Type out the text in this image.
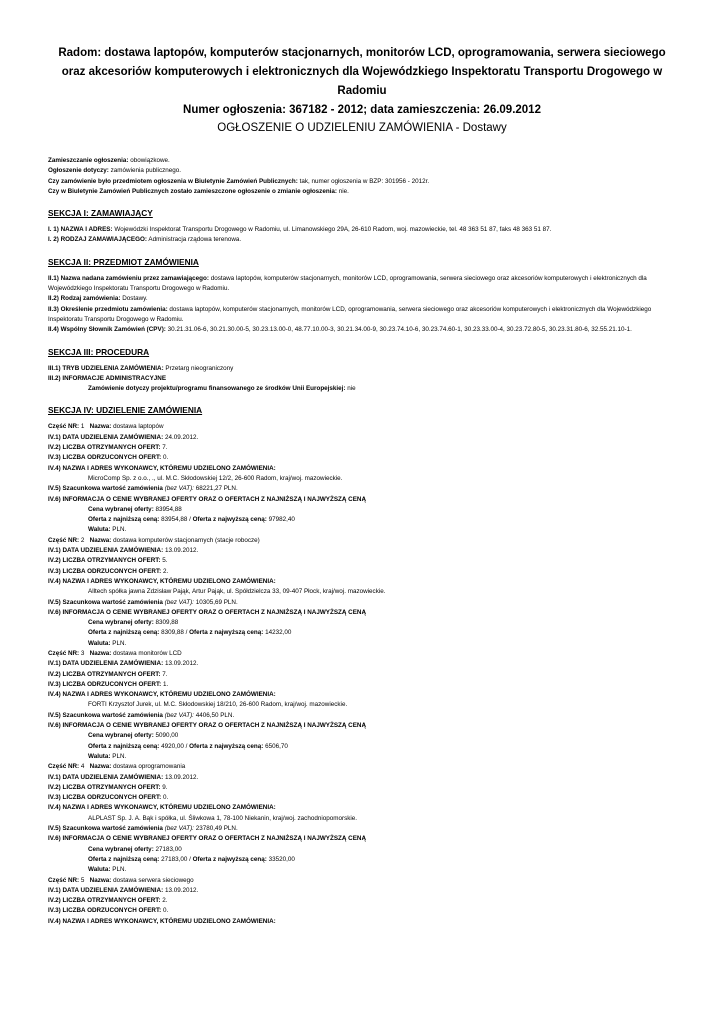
Radom: dostawa laptopów, komputerów stacjonarnych, monitorów LCD, oprogramowania, serwera sieciowego oraz akcesoriów komputerowych i elektronicznych dla Wojewódzkiego Inspektoratu Transportu Drogowego w Radomiu

Numer ogłoszenia: 367182 - 2012; data zamieszczenia: 26.09.2012

OGŁOSZENIE O UDZIELENIU ZAMÓWIENIA - Dostawy

Zamieszczanie ogłoszenia: obowiązkowe.

Ogłoszenie dotyczy: zamówienia publicznego.

Czy zamówienie było przedmiotem ogłoszenia w Biuletynie Zamówień Publicznych: tak, numer ogłoszenia w BZP: 301956 - 2012r.

Czy w Biuletynie Zamówień Publicznych zostało zamieszczone ogłoszenie o zmianie ogłoszenia: nie.

SEKCJA I: ZAMAWIAJĄCY

I. 1) NAZWA I ADRES: Wojewódzki Inspektorat Transportu Drogowego w Radomiu, ul. Limanowskiego 29A, 26-610 Radom, woj. mazowieckie, tel. 48 363 51 87, faks 48 363 51 87.

I. 2) RODZAJ ZAMAWIAJĄCEGO: Administracja rządowa terenowa.

SEKCJA II: PRZEDMIOT ZAMÓWIENIA

II.1) Nazwa nadana zamówieniu przez zamawiającego: dostawa laptopów, komputerów stacjonarnych, monitorów LCD, oprogramowania, serwera sieciowego oraz akcesoriów komputerowych i elektronicznych dla Wojewódzkiego Inspektoratu Transportu Drogowego w Radomiu.

II.2) Rodzaj zamówienia: Dostawy.

II.3) Określenie przedmiotu zamówienia: dostawa laptopów, komputerów stacjonarnych, monitorów LCD, oprogramowania, serwera sieciowego oraz akcesoriów komputerowych i elektronicznych dla Wojewódzkiego Inspektoratu Transportu Drogowego w Radomiu.

II.4) Wspólny Słownik Zamówień (CPV): 30.21.31.06-6, 30.21.30.00-5, 30.23.13.00-0, 48.77.10.00-3, 30.21.34.00-9, 30.23.74.10-6, 30.23.74.60-1, 30.23.33.00-4, 30.23.72.80-5, 30.23.31.80-6, 32.55.21.10-1.

SEKCJA III: PROCEDURA

III.1) TRYB UDZIELENIA ZAMÓWIENIA: Przetarg nieograniczony

III.2) INFORMACJE ADMINISTRACYJNE

Zamówienie dotyczy projektu/programu finansowanego ze środków Unii Europejskiej: nie

SEKCJA IV: UDZIELENIE ZAMÓWIENIA

Część NR: 1 Nazwa: dostawa laptopów

IV.1) DATA UDZIELENIA ZAMÓWIENIA: 24.09.2012.

IV.2) LICZBA OTRZYMANYCH OFERT: 7.

IV.3) LICZBA ODRZUCONYCH OFERT: 0.

IV.4) NAZWA I ADRES WYKONAWCY, KTÓREMU UDZIELONO ZAMÓWIENIA:

MicroComp Sp. z o.o., ., ul. M.C. Skłodowskiej 12/2, 26-600 Radom, kraj/woj. mazowieckie.

IV.5) Szacunkowa wartość zamówienia (bez VAT): 68221,27 PLN.

IV.6) INFORMACJA O CENIE WYBRANEJ OFERTY ORAZ O OFERTACH Z NAJNIŻSZĄ I NAJWYŻSZĄ CENĄ

Cena wybranej oferty: 83954,88

Oferta z najniższą ceną: 83954,88 / Oferta z najwyższą ceną: 97982,40

Waluta: PLN.

Część NR: 2 Nazwa: dostawa komputerów stacjonarnych (stacje robocze)

IV.1) DATA UDZIELENIA ZAMÓWIENIA: 13.09.2012.

IV.2) LICZBA OTRZYMANYCH OFERT: 5.

IV.3) LICZBA ODRZUCONYCH OFERT: 2.

IV.4) NAZWA I ADRES WYKONAWCY, KTÓREMU UDZIELONO ZAMÓWIENIA:

Alltech spółka jawna Zdzisław Pająk, Artur Pająk, ul. Spółdzielcza 33, 09-407 Płock, kraj/woj. mazowieckie.

IV.5) Szacunkowa wartość zamówienia (bez VAT): 10305,69 PLN.

IV.6) INFORMACJA O CENIE WYBRANEJ OFERTY ORAZ O OFERTACH Z NAJNIŻSZĄ I NAJWYŻSZĄ CENĄ

Cena wybranej oferty: 8309,88

Oferta z najniższą ceną: 8309,88 / Oferta z najwyższą ceną: 14232,00

Waluta: PLN.

Część NR: 3 Nazwa: dostawa monitorów LCD

IV.1) DATA UDZIELENIA ZAMÓWIENIA: 13.09.2012.

IV.2) LICZBA OTRZYMANYCH OFERT: 7.

IV.3) LICZBA ODRZUCONYCH OFERT: 1.

IV.4) NAZWA I ADRES WYKONAWCY, KTÓREMU UDZIELONO ZAMÓWIENIA:

FORTI Krzysztof Jurek, ul. M.C. Skłodowskiej 18/210, 26-600 Radom, kraj/woj. mazowieckie.

IV.5) Szacunkowa wartość zamówienia (bez VAT): 4406,50 PLN.

IV.6) INFORMACJA O CENIE WYBRANEJ OFERTY ORAZ O OFERTACH Z NAJNIŻSZĄ I NAJWYŻSZĄ CENĄ

Cena wybranej oferty: 5090,00

Oferta z najniższą ceną: 4920,00 / Oferta z najwyższą ceną: 6506,70

Waluta: PLN.

Część NR: 4 Nazwa: dostawa oprogramowania

IV.1) DATA UDZIELENIA ZAMÓWIENIA: 13.09.2012.

IV.2) LICZBA OTRZYMANYCH OFERT: 9.

IV.3) LICZBA ODRZUCONYCH OFERT: 0.

IV.4) NAZWA I ADRES WYKONAWCY, KTÓREMU UDZIELONO ZAMÓWIENIA:

ALPLAST Sp. J. A. Bąk i spółka, ul. Śliwkowa 1, 78-100 Niekanin, kraj/woj. zachodniopomorskie.

IV.5) Szacunkowa wartość zamówienia (bez VAT): 23780,49 PLN.

IV.6) INFORMACJA O CENIE WYBRANEJ OFERTY ORAZ O OFERTACH Z NAJNIŻSZĄ I NAJWYŻSZĄ CENĄ

Cena wybranej oferty: 27183,00

Oferta z najniższą ceną: 27183,00 / Oferta z najwyższą ceną: 33520,00

Waluta: PLN.

Część NR: 5 Nazwa: dostawa serwera sieciowego

IV.1) DATA UDZIELENIA ZAMÓWIENIA: 13.09.2012.

IV.2) LICZBA OTRZYMANYCH OFERT: 2.

IV.3) LICZBA ODRZUCONYCH OFERT: 0.

IV.4) NAZWA I ADRES WYKONAWCY, KTÓREMU UDZIELONO ZAMÓWIENIA:
